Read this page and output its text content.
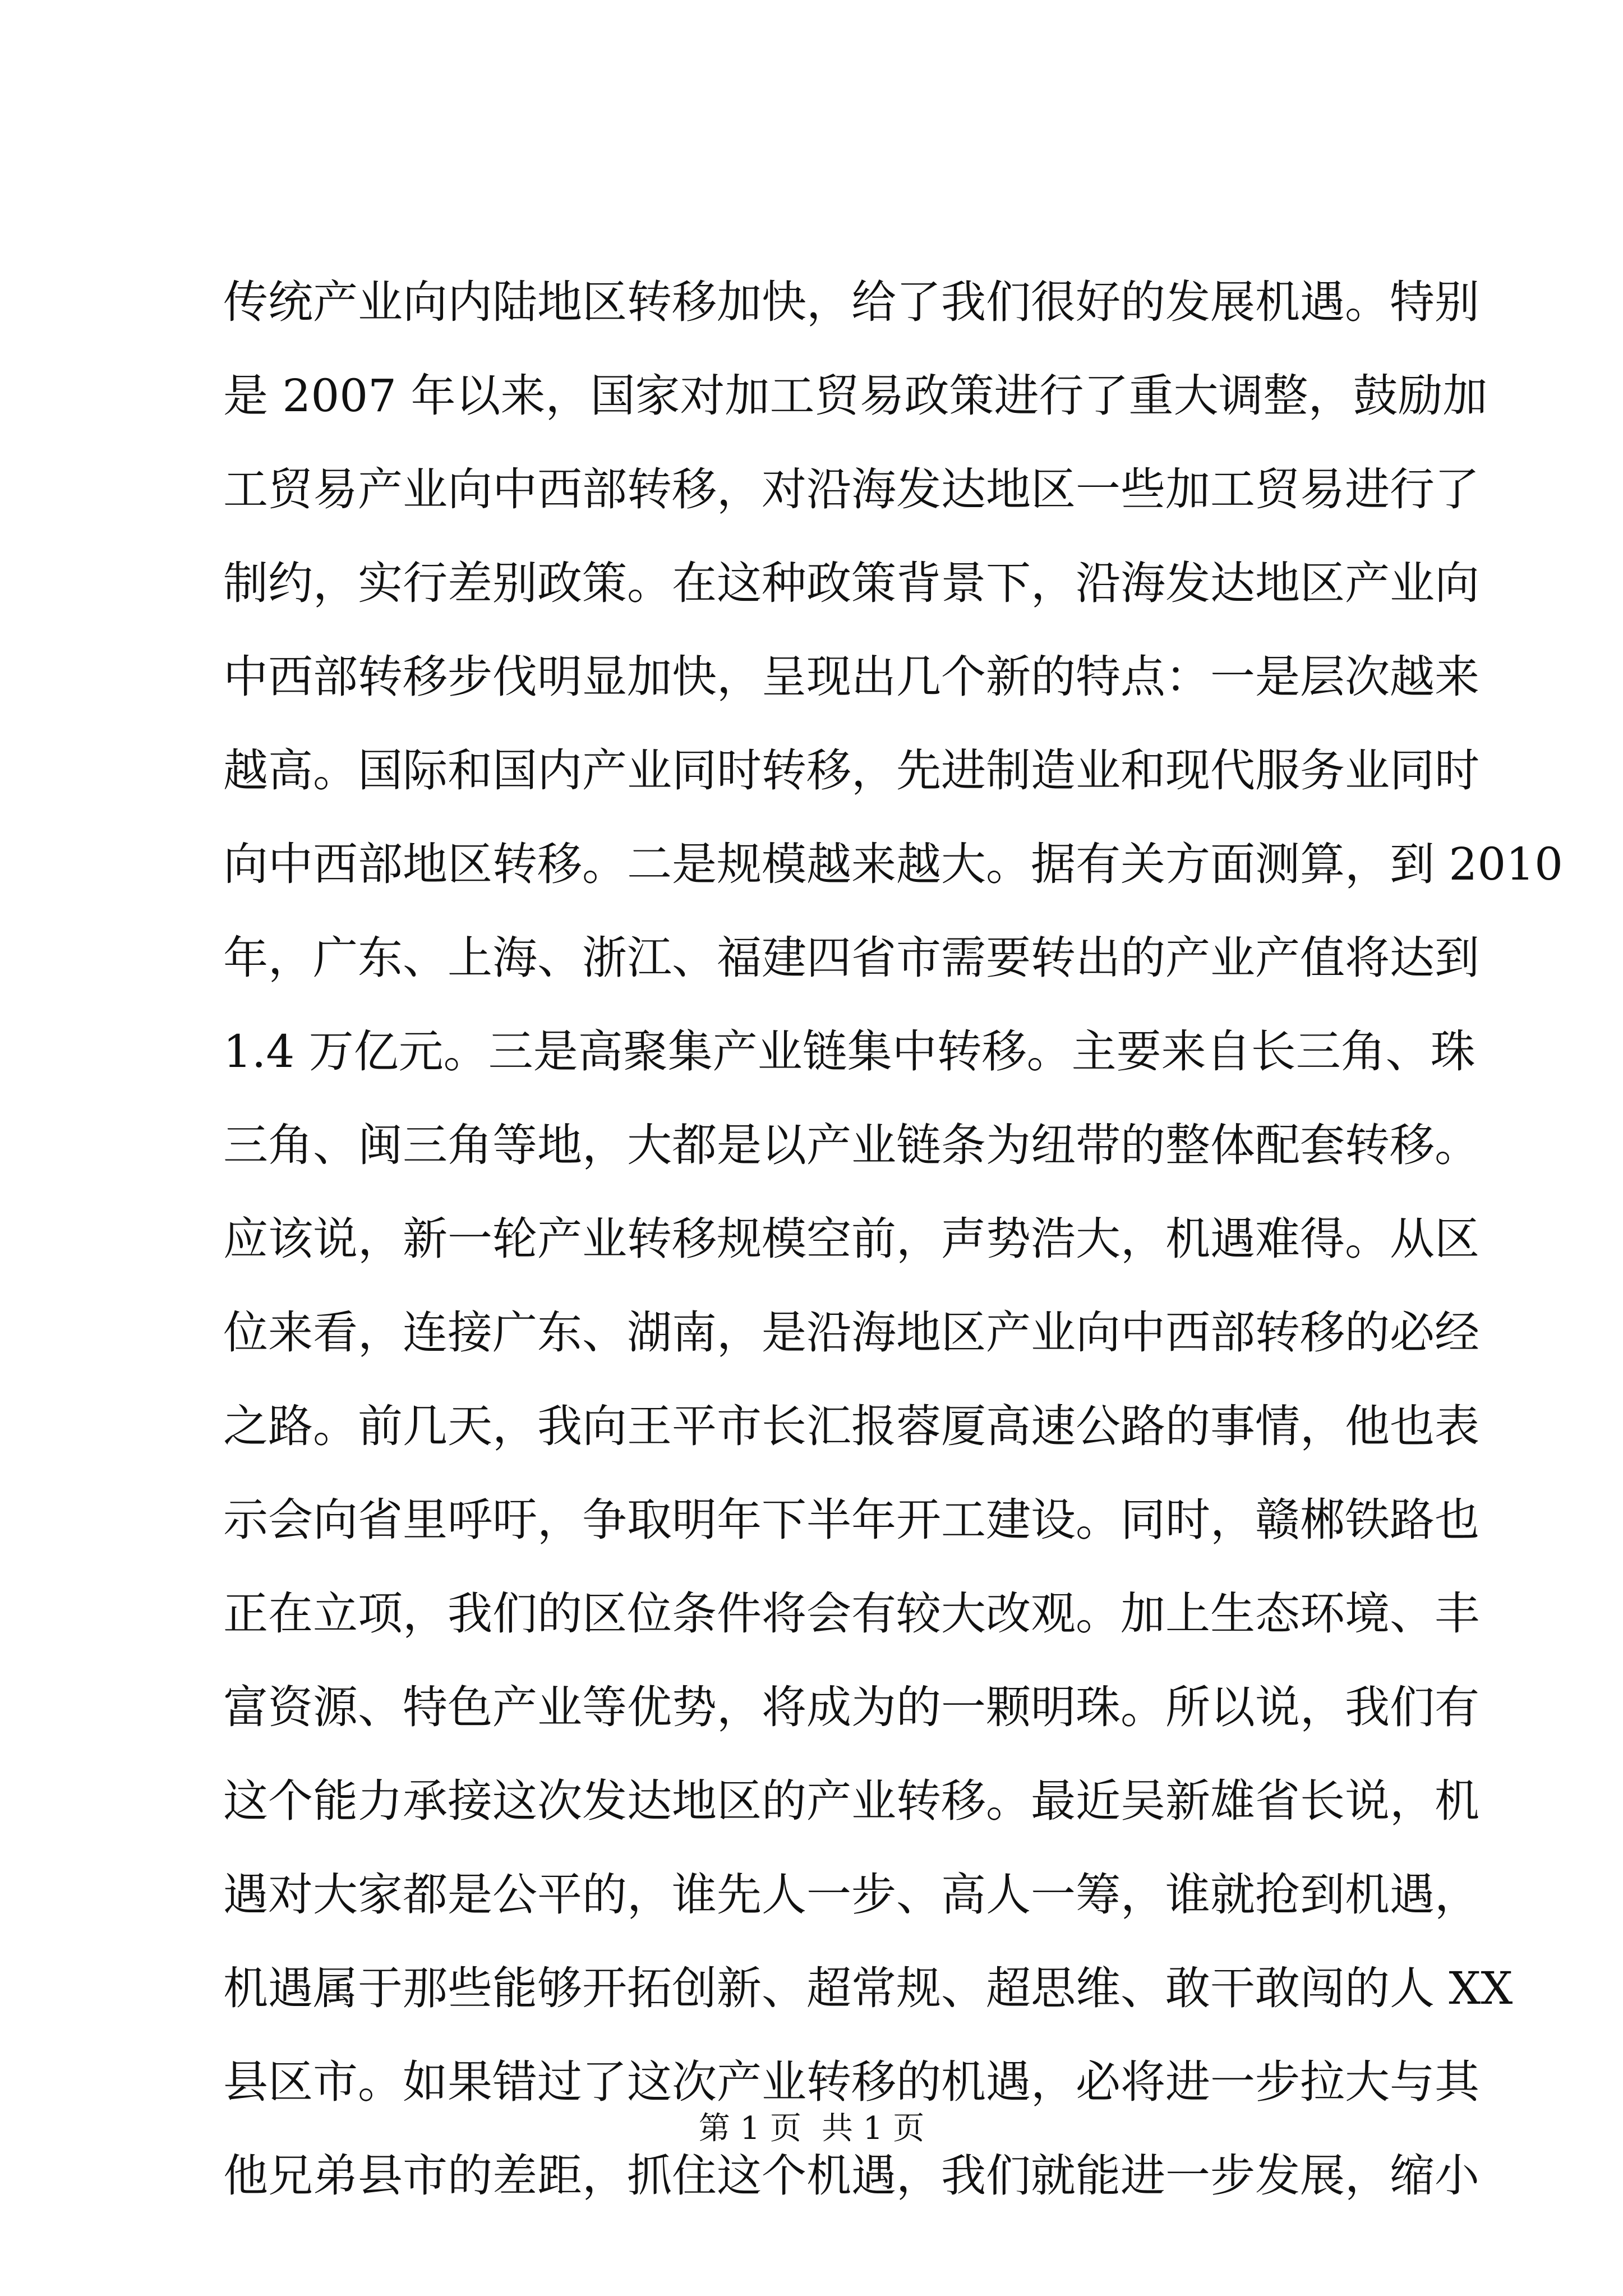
传统产业向内陆地区转移加快，给了我们很好的发展机遇。特别
是 2007 年以来，国家对加工贸易政策进行了重大调整，鼓励加
工贸易产业向中西部转移，对沿海发达地区一些加工贸易进行了
制约，实行差别政策。在这种政策背景下，沿海发达地区产业向
中西部转移步伐明显加快，呈现出几个新的特点：一是层次越来
越高。国际和国内产业同时转移，先进制造业和现代服务业同时
向中西部地区转移。二是规模越来越大。据有关方面测算，到 2010
年，广东、上海、浙江、福建四省市需要转出的产业产值将达到
1.4 万亿元。三是高聚集产业链集中转移。主要来自长三角、珠
三角、闽三角等地，大都是以产业链条为纽带的整体配套转移。
应该说，新一轮产业转移规模空前，声势浩大，机遇难得。从区
位来看，连接广东、湖南，是沿海地区产业向中西部转移的必经
之路。前几天，我向王平市长汇报蓉厦高速公路的事情，他也表
示会向省里呼吁，争取明年下半年开工建设。同时，赣郴铁路也
正在立项，我们的区位条件将会有较大改观。加上生态环境、丰
富资源、特色产业等优势，将成为的一颗明珠。所以说，我们有
这个能力承接这次发达地区的产业转移。最近吴新雄省长说，机
遇对大家都是公平的，谁先人一步、高人一筹，谁就抢到机遇，
机遇属于那些能够开拓创新、超常规、超思维、敢干敢闯的人 XX
县区市。如果错过了这次产业转移的机遇，必将进一步拉大与其
他兄弟县市的差距，抓住这个机遇，我们就能进一步发展，缩小
第 1 页 共 1 页
